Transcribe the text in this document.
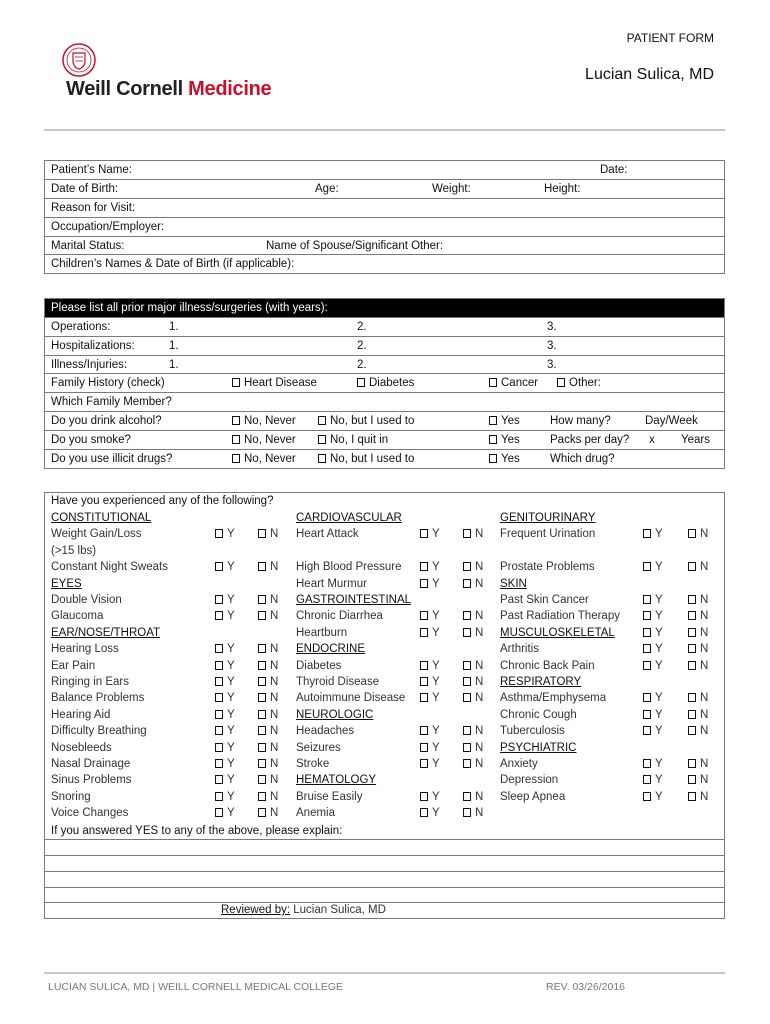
Weill Cornell Medicine
PATIENT FORM
Lucian Sulica, MD
Patient’s Name:	Date:

Date of Birth:	Age:	Weight:	Height:

Reason for Visit:
Occupation/Employer:

Marital Status:	Name of Spouse/Significant Other:

Children’s Names & Date of Birth (if applicable):
Please list all prior major illness/surgeries (with years):

Operations:	1.	2.	3.

Hospitalizations:	1.	2.	3.

Illness/Injuries:	1.	2.	3.

Family History (check)	Heart Disease	Diabetes	Cancer	Other:

Which Family Member?

Do you drink alcohol?	No, Never	No, but I used to	Yes	How many?	Day/Week

Do you smoke?	No, Never	No, I quit in	Yes	Packs per day? x Years

Do you use illicit drugs?	No, Never	No, but I used to	Yes	Which drug?
Have you experienced any of the following?
CONSTITUTIONAL	CARDIOVASCULAR	GENITOURINARY
Weight Gain/Loss	Y	N Heart Attack	Y	N Frequent Urination	Y	N
(>15 lbs)
Constant Night Sweats	Y	N High Blood Pressure	Y	N Prostate Problems	Y	N
EYES	Heart Murmur	Y	N SKIN
Double Vision	Y	N GASTROINTESTINAL	Past Skin Cancer	Y	N
Glaucoma	Y	N Chronic Diarrhea	Y	N Past Radiation Therapy	Y	N
EAR/NOSE/THROAT	Heartburn	Y	N MUSCULOSKELETAL	Y	N
Hearing Loss	Y	N ENDOCRINE	Arthritis	Y	N
Ear Pain	Y	N Diabetes	Y	N Chronic Back Pain	Y	N
Ringing in Ears	Y	N Thyroid Disease	Y	N RESPIRATORY
Balance Problems	Y	N Autoimmune Disease	Y	N Asthma/Emphysema	Y	N
Hearing Aid	Y	N NEUROLOGIC	Chronic Cough	Y	N
Difficulty Breathing	Y	N Headaches	Y	N Tuberculosis	Y	N
Nosebleeds	Y	N Seizures	Y	N PSYCHIATRIC
Nasal Drainage	Y	N Stroke	Y	N Anxiety	Y	N
Sinus Problems	Y	N HEMATOLOGY	Depression	Y	N
Snoring	Y	N Bruise Easily	Y	N Sleep Apnea	Y	N
Voice Changes	Y	N Anemia	Y	N
If you answered YES to any of the above, please explain:
Reviewed by: Lucian Sulica, MD
LUCIAN SULICA, MD | WEILL CORNELL MEDICAL COLLEGE	REV. 03/26/2016
